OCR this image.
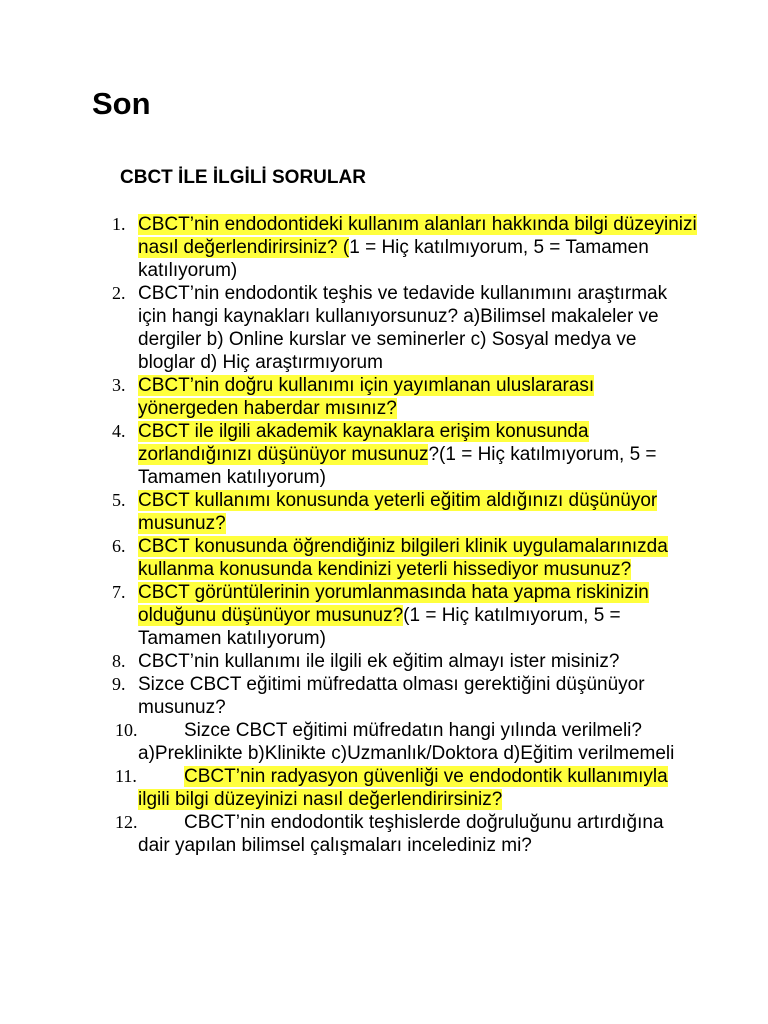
Son
CBCT İLE İLGİLİ SORULAR
1. CBCT’nin endodontideki kullanım alanları hakkında bilgi düzeyinizi nasıl değerlendirirsiniz? (1 = Hiç katılmıyorum, 5 = Tamamen katılıyorum)

2. CBCT’nin endodontik teşhis ve tedavide kullanımını araştırmak için hangi kaynakları kullanıyorsunuz? a)Bilimsel makaleler ve dergiler b) Online kurslar ve seminerler c) Sosyal medya ve bloglar d) Hiç araştırmıyorum

3. CBCT’nin doğru kullanımı için yayımlanan uluslararası yönergeden haberdar mısınız?

4. CBCT ile ilgili akademik kaynaklara erişim konusunda zorlandığınızı düşünüyor musunuz?(1 = Hiç katılmıyorum, 5 = Tamamen katılıyorum)

5. CBCT kullanımı konusunda yeterli eğitim aldığınızı düşünüyor musunuz?

6. CBCT konusunda öğrendiğiniz bilgileri klinik uygulamalarınızda kullanma konusunda kendinizi yeterli hissediyor musunuz?

7. CBCT görüntülerinin yorumlanmasında hata yapma riskinizin olduğunu düşünüyor musunuz?(1 = Hiç katılmıyorum, 5 = Tamamen katılıyorum)

8. CBCT’nin kullanımı ile ilgili ek eğitim almayı ister misiniz?

9. Sizce CBCT eğitimi müfredatta olması gerektiğini düşünüyor musunuz?

10.	Sizce CBCT eğitimi müfredatın hangi yılında verilmeli? a)Preklinikte b)Klinikte c)Uzmanlık/Doktora d)Eğitim verilmemeli

11.	CBCT’nin radyasyon güvenliği ve endodontik kullanımıyla ilgili bilgi düzeyinizi nasıl değerlendirirsiniz?

12.	CBCT’nin endodontik teşhislerde doğruluğunu artırdığına dair yapılan bilimsel çalışmaları incelediniz mi?
